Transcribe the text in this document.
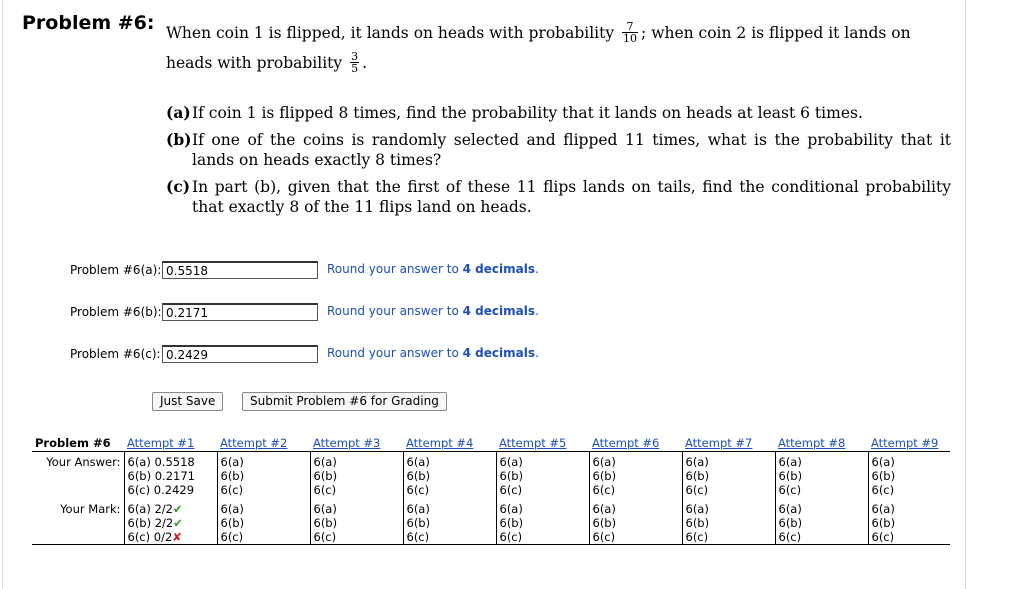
Problem #6: When coin 1 is flipped, it lands on heads with probability $\frac{7}{10}$ ; when coin 2 is flipped it lands on heads with probability $\frac{3}{5}$ .
(a) If coin 1 is flipped 8 times, find the probability that it lands on heads at least 6 times.
(b) If one of the coins is randomly selected and flipped 11 times, what is the probability that it lands on heads exactly 8 times?
(c) In part (b), given that the first of these 11 flips lands on tails, find the conditional probability that exactly 8 of the 11 flips land on heads.
Problem #6(a):
0.5518	Round your answer to 4 decimals.
Problem #6(b):
0.2171	Round your answer to 4 decimals.
Problem #6(c):
0.2429	Round your answer to 4 decimals.
Just Save	Submit Problem #6 for Grading
Problem #6	Attempt #1	Attempt #2	Attempt #3	Attempt #4	Attempt #5	Attempt #6	Attempt #7	Attempt #8	Attempt #9
Your Answer:	6(a) 0.5518
6(b) 0.2171
6(c) 0.2429	6(a)
6(b)
6(c)	6(a)
6(b)
6(c)	6(a)
6(b)
6(c)	6(a)
6(b)
6(c)	6(a)
6(b)
6(c)	6(a)
6(b)
6(c)	6(a)
6(b)
6(c)	6(a)
6(b)
6(c)

Your Mark:	6(a) 2/2✔
6(b) 2/2✔
6(c) 0/2✘	6(a)
6(b)
6(c)	6(a)
6(b)
6(c)	6(a)
6(b)
6(c)	6(a)
6(b)
6(c)	6(a)
6(b)
6(c)	6(a)
6(b)
6(c)	6(a)
6(b)
6(c)	6(a)
6(b)
6(c)
